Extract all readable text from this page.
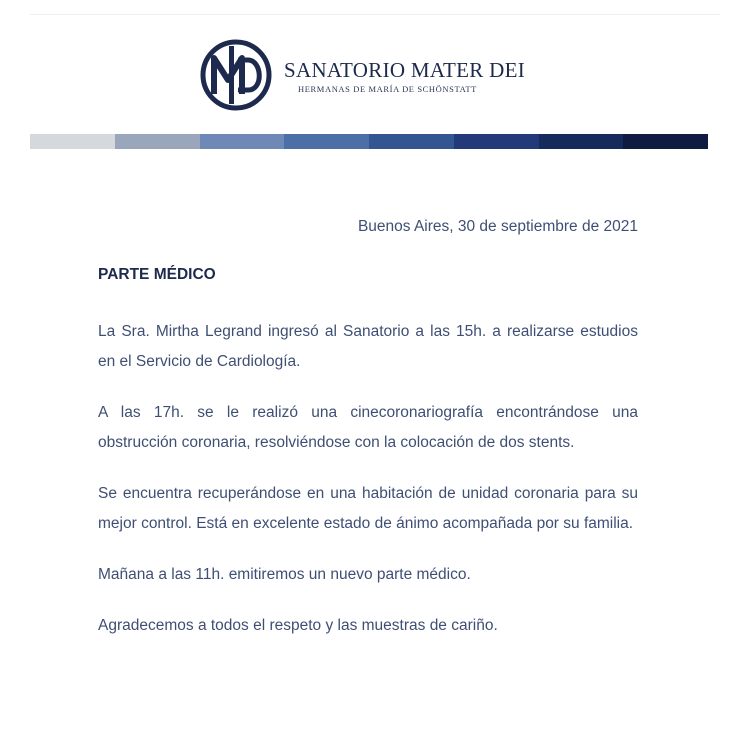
SANATORIO MATER DEI
HERMANAS DE MARÍA DE SCHÖNSTATT
Buenos Aires, 30 de septiembre de 2021
PARTE MÉDICO

La Sra. Mirtha Legrand ingresó al Sanatorio a las 15h. a realizarse estudios en el Servicio de Cardiología.

A las 17h. se le realizó una cinecoronariografía encontrándose una obstrucción coronaria, resolviéndose con la colocación de dos stents.

Se encuentra recuperándose en una habitación de unidad coronaria para su mejor control. Está en excelente estado de ánimo acompañada por su familia.

Mañana a las 11h. emitiremos un nuevo parte médico.

Agradecemos a todos el respeto y las muestras de cariño.
